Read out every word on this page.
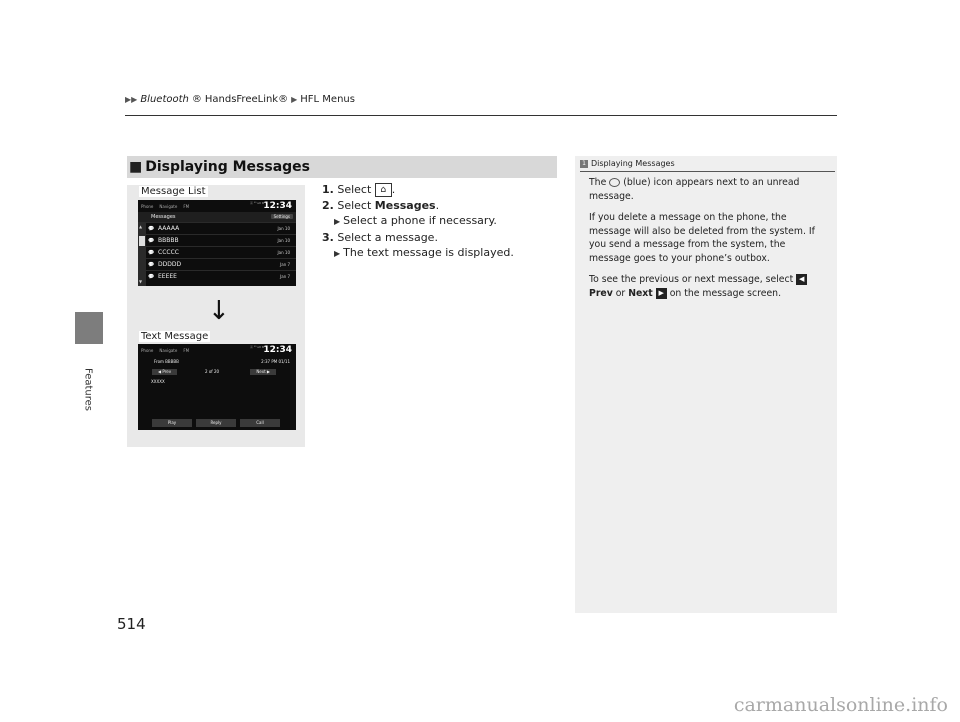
▶▶ Bluetooth ® HandsFreeLink® ▶ HFL Menus
Features
514
■ Displaying Messages
Message List
Phone Navigate FM
Ⓐ ⁰⁰ ull 𝔹 12:34
Messages	Settings
▲
▼
💬 AAAAA	Jan 10
💬 BBBBB	Jan 10
💬 CCCCC	Jan 10
💬 DDDDD	Jan 7
💬 EEEEE	Jan 7
↓
Text Message
Phone Navigate FM
Ⓐ ⁰⁰ ull 𝔹 12:34
From BBBBB	2:37 PM 01/11
◀ Prev	2 of 20	Next ▶
XXXXX
Play	Reply	Call
1. Select ⌂ .
2. Select Messages.
▶ Select a phone if necessary.
3. Select a message.
▶ The text message is displayed.
1 Displaying Messages

The (blue) icon appears next to an unread message.

If you delete a message on the phone, the message will also be deleted from the system. If you send a message from the system, the message goes to your phone’s outbox.

To see the previous or next message, select ◀ Prev or Next ▶ on the message screen.

carmanualsonline.info
